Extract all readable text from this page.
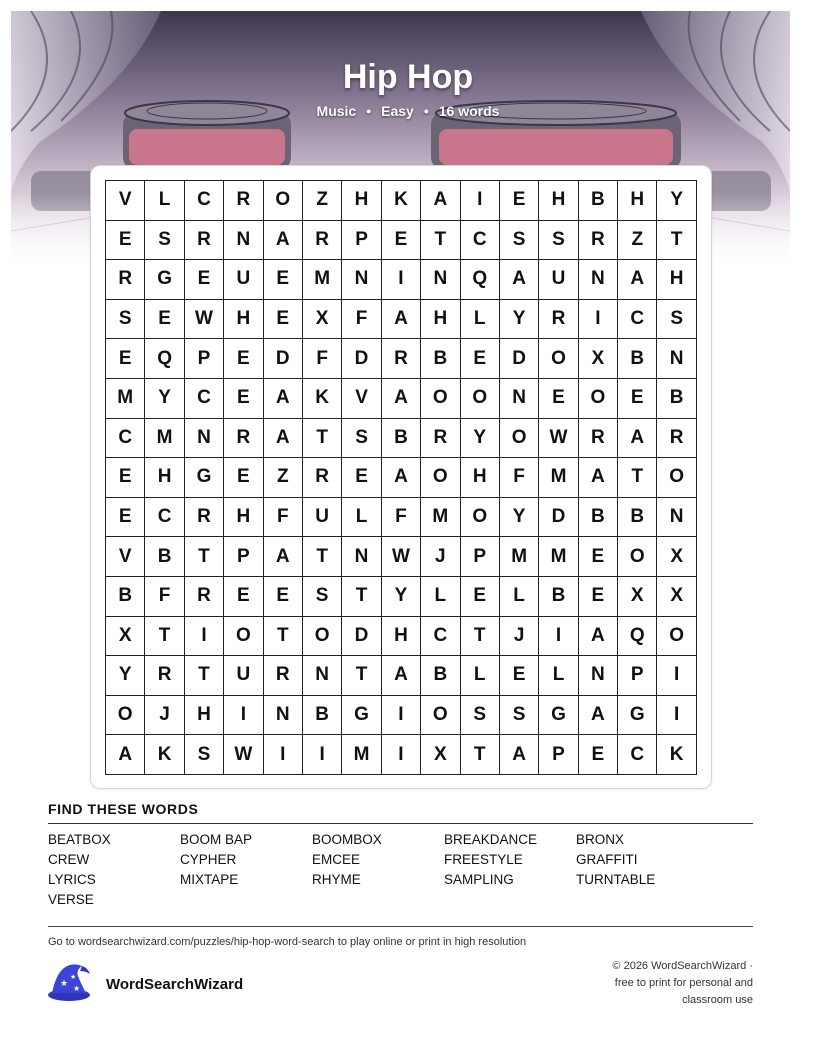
Hip Hop
Music • Easy • 16 words
V	L	C	R	O	Z	H	K	A	I	E	H	B	H	Y
E	S	R	N	A	R	P	E	T	C	S	S	R	Z	T
R	G	E	U	E	M	N	I	N	Q	A	U	N	A	H
S	E	W	H	E	X	F	A	H	L	Y	R	I	C	S
E	Q	P	E	D	F	D	R	B	E	D	O	X	B	N
M	Y	C	E	A	K	V	A	O	O	N	E	O	E	B
C	M	N	R	A	T	S	B	R	Y	O	W	R	A	R
E	H	G	E	Z	R	E	A	O	H	F	M	A	T	O
E	C	R	H	F	U	L	F	M	O	Y	D	B	B	N
V	B	T	P	A	T	N	W	J	P	M	M	E	O	X
B	F	R	E	E	S	T	Y	L	E	L	B	E	X	X
X	T	I	O	T	O	D	H	C	T	J	I	A	Q	O
Y	R	T	U	R	N	T	A	B	L	E	L	N	P	I
O	J	H	I	N	B	G	I	O	S	S	G	A	G	I
A	K	S	W	I	I	M	I	X	T	A	P	E	C	K
FIND THESE WORDS
BEATBOX	BOOM BAP	BOOMBOX	BREAKDANCE	BRONX
CREW	CYPHER	EMCEE	FREESTYLE	GRAFFITI
LYRICS	MIXTAPE	RHYME	SAMPLING	TURNTABLE
VERSE
Go to wordsearchwizard.com/puzzles/hip-hop-word-search to play online or print in high resolution
★
★
★ WordSearchWizard
© 2026 WordSearchWizard ·
free to print for personal and
classroom use
